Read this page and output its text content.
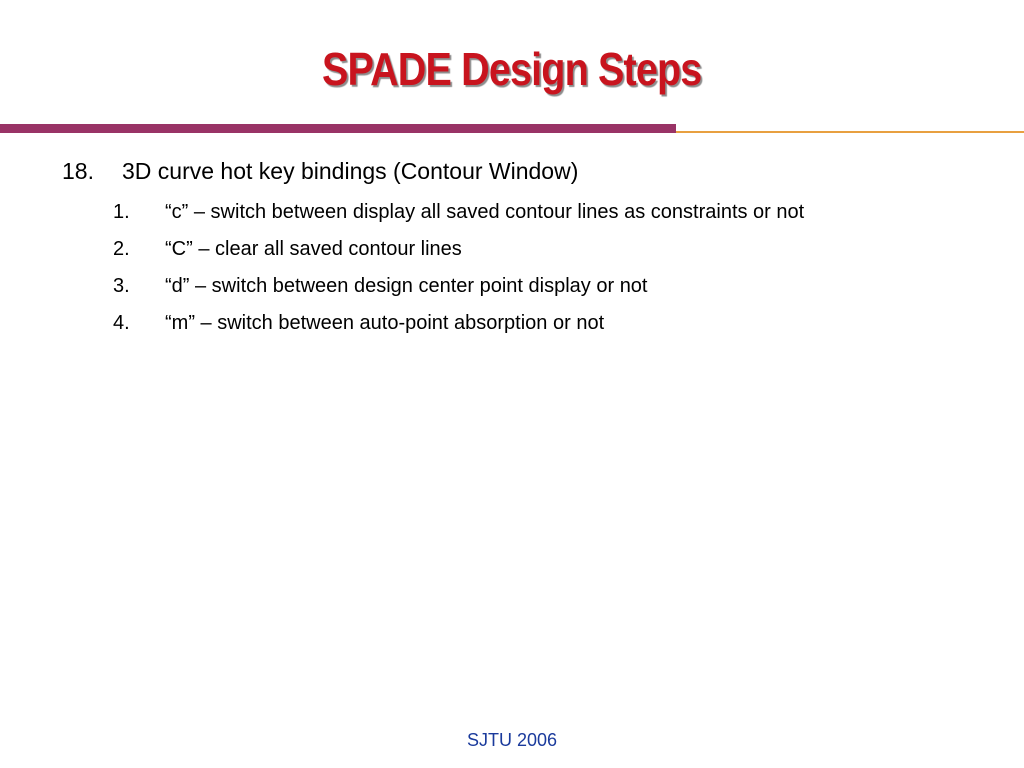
SPADE Design Steps
18. 3D curve hot key bindings (Contour Window)
1. “c” – switch between display all saved contour lines as constraints or not
2. “C” – clear all saved contour lines
3. “d” – switch between design center point display or not
4. “m” – switch between auto-point absorption or not
SJTU 2006
